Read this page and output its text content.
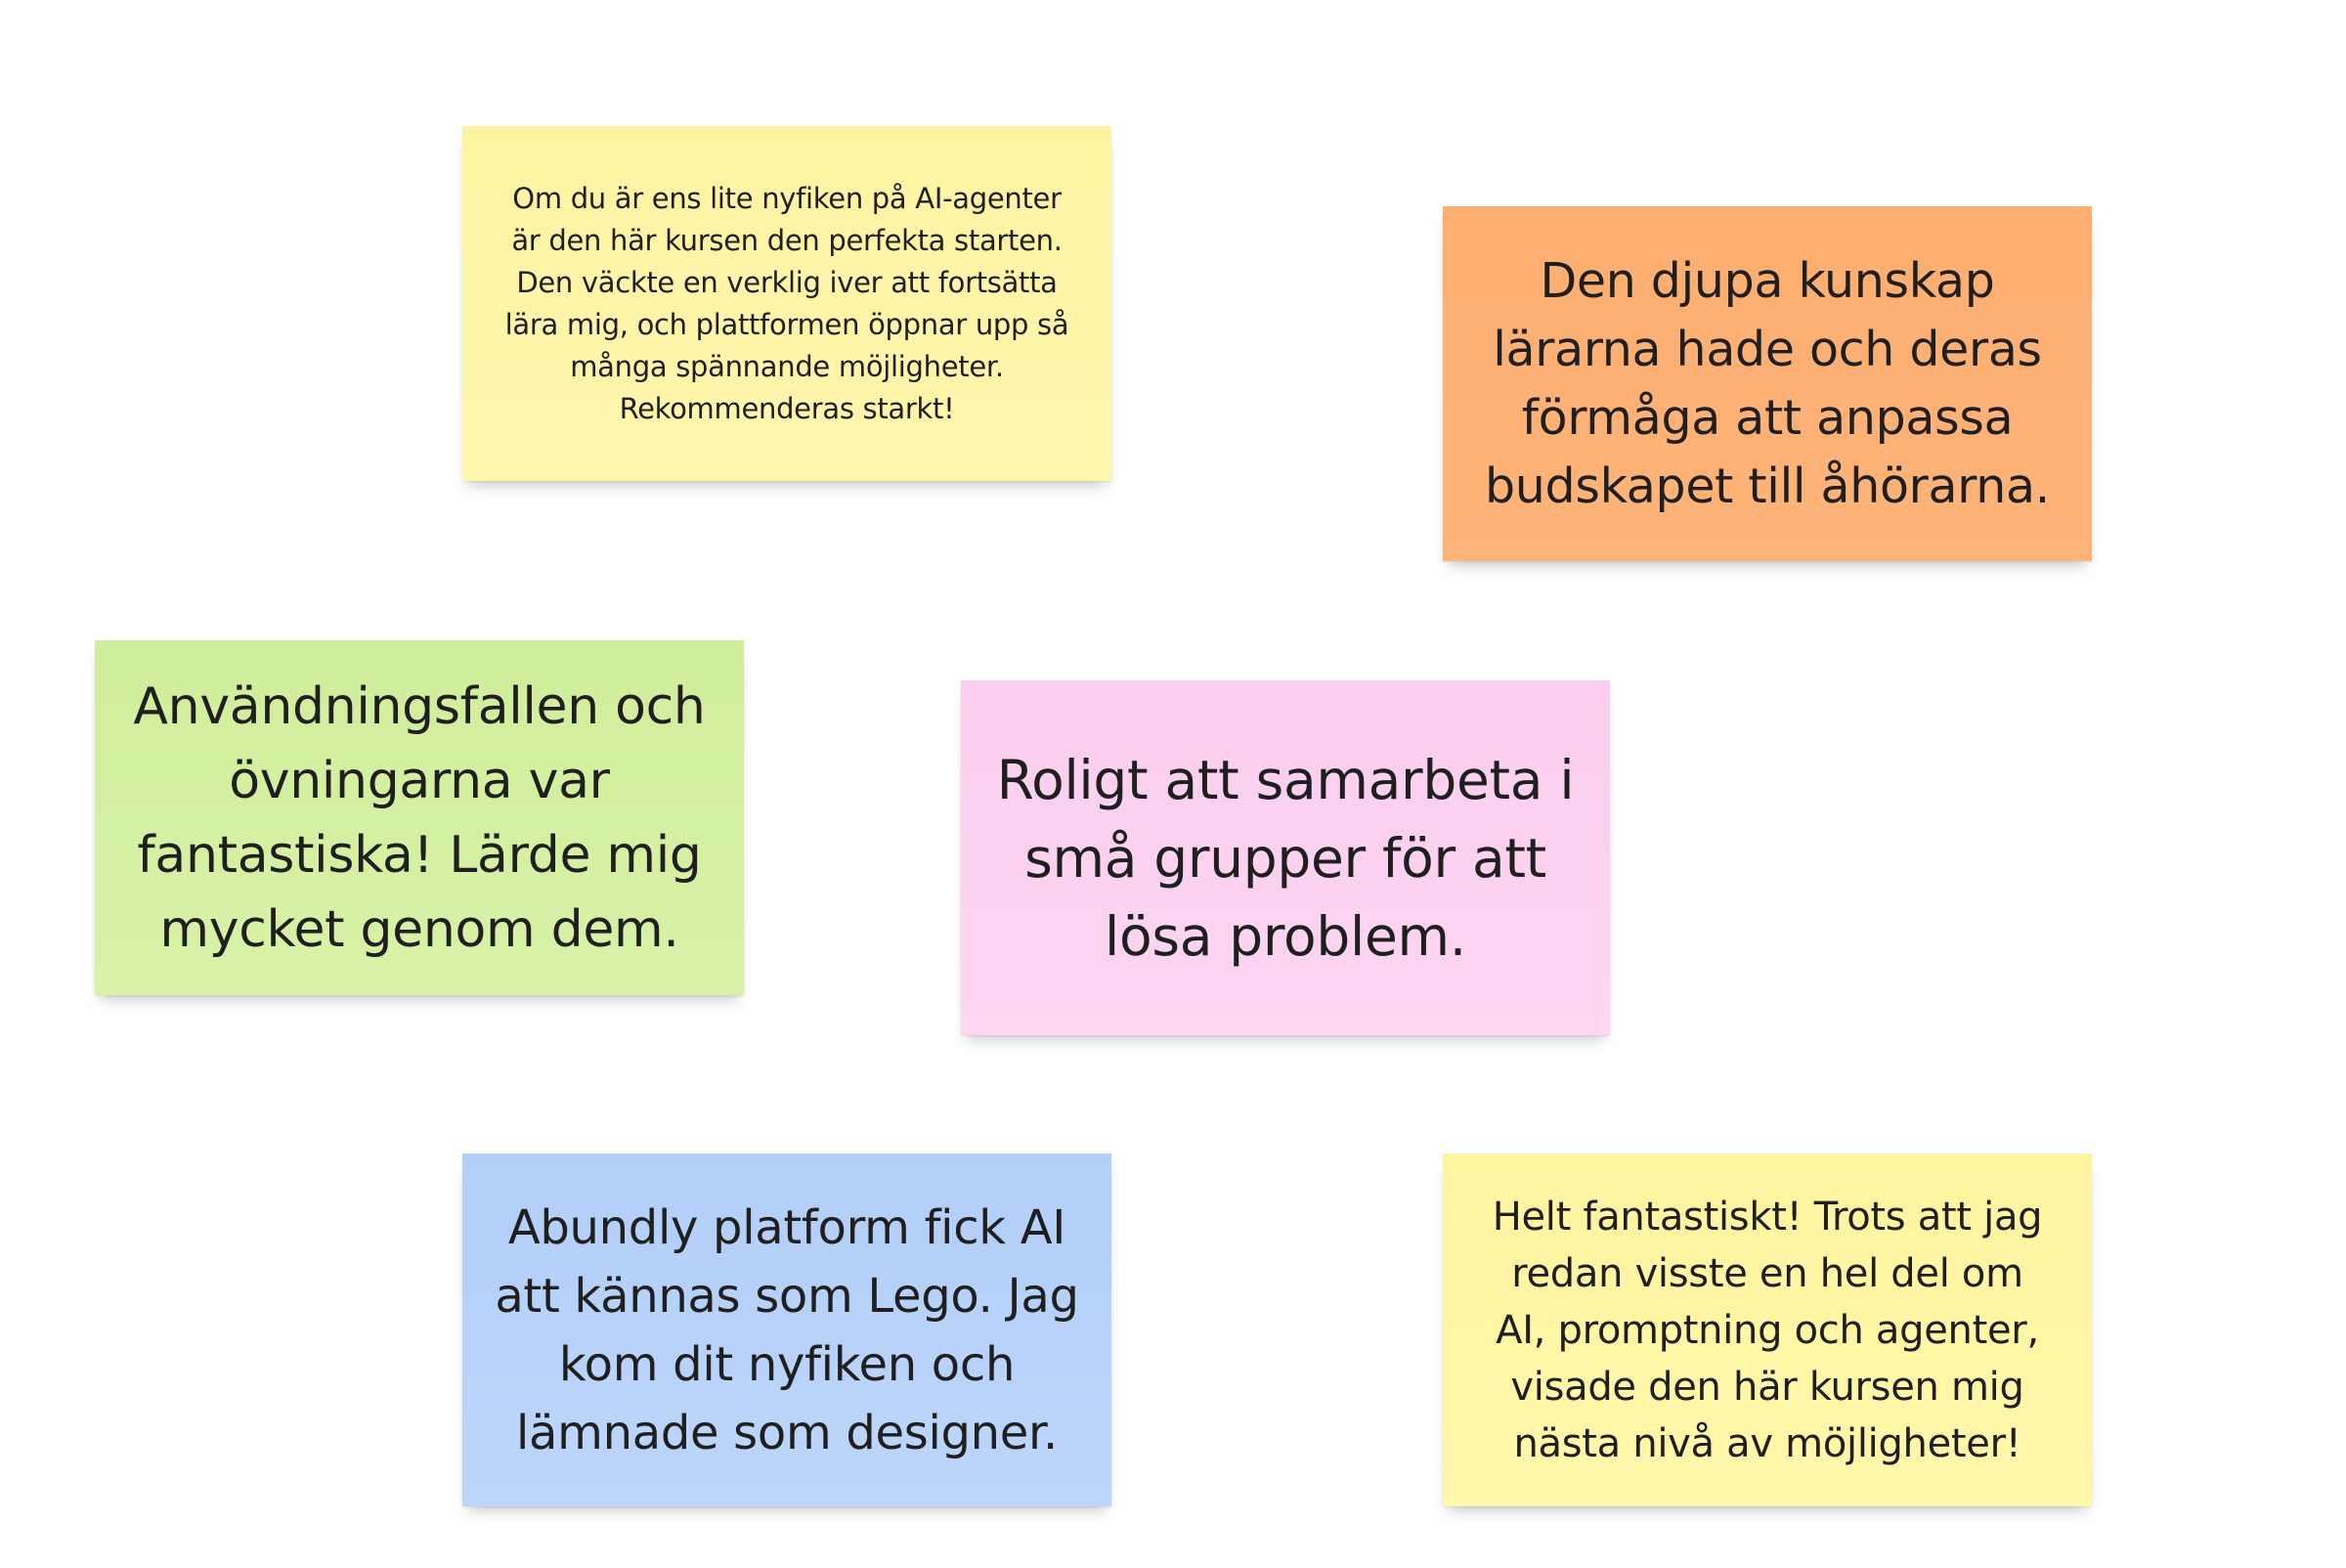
Om du är ens lite nyfiken på AI-agenter är den här kursen den perfekta starten. Den väckte en verklig iver att fortsätta lära mig, och plattformen öppnar upp så många spännande möjligheter. Rekommenderas starkt!
Den djupa kunskap lärarna hade och deras förmåga att anpassa budskapet till åhörarna.
Användningsfallen och övningarna var fantastiska! Lärde mig mycket genom dem.
Roligt att samarbeta i små grupper för att lösa problem.
Abundly platform fick AI att kännas som Lego. Jag kom dit nyfiken och lämnade som designer.
Helt fantastiskt! Trots att jag redan visste en hel del om AI, promptning och agenter, visade den här kursen mig nästa nivå av möjligheter!
